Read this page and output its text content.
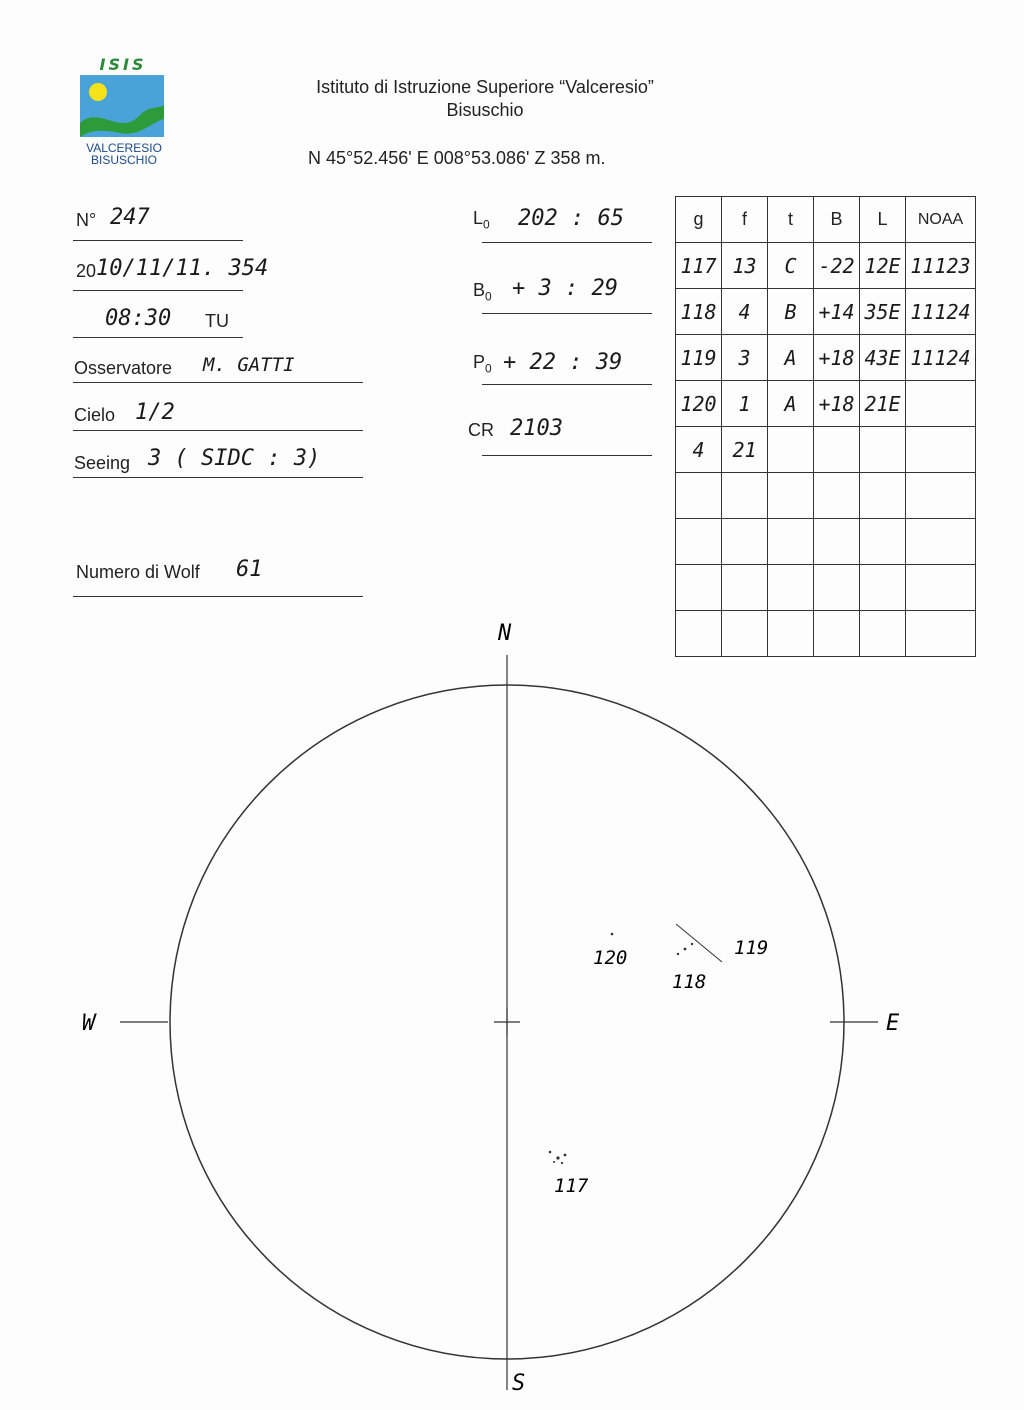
ISIS
VALCERESIO
BISUSCHIO
Istituto di Istruzione Superiore “Valceresio”
Bisuschio
N 45°52.456' E 008°53.086' Z 358 m.
N° 247
20 10/11/11. 354
08:30 TU
Osservatore M. GATTI
Cielo 1/2
Seeing 3 ( SIDC : 3)
Numero di Wolf 61
$L_0$ 202 : 65
$B_0 + 3$ : 29
$P_0 + 22$ : 39
CR 2103
g	f	t	B	L	NOAA
117	13	C	-22	12E	11123
118	4	B	+14	35E	11124
119	3	A	+18	43E	11124
120	1	A	+18	21E	
4	21				

N
S
W	E
120	119
118
117
